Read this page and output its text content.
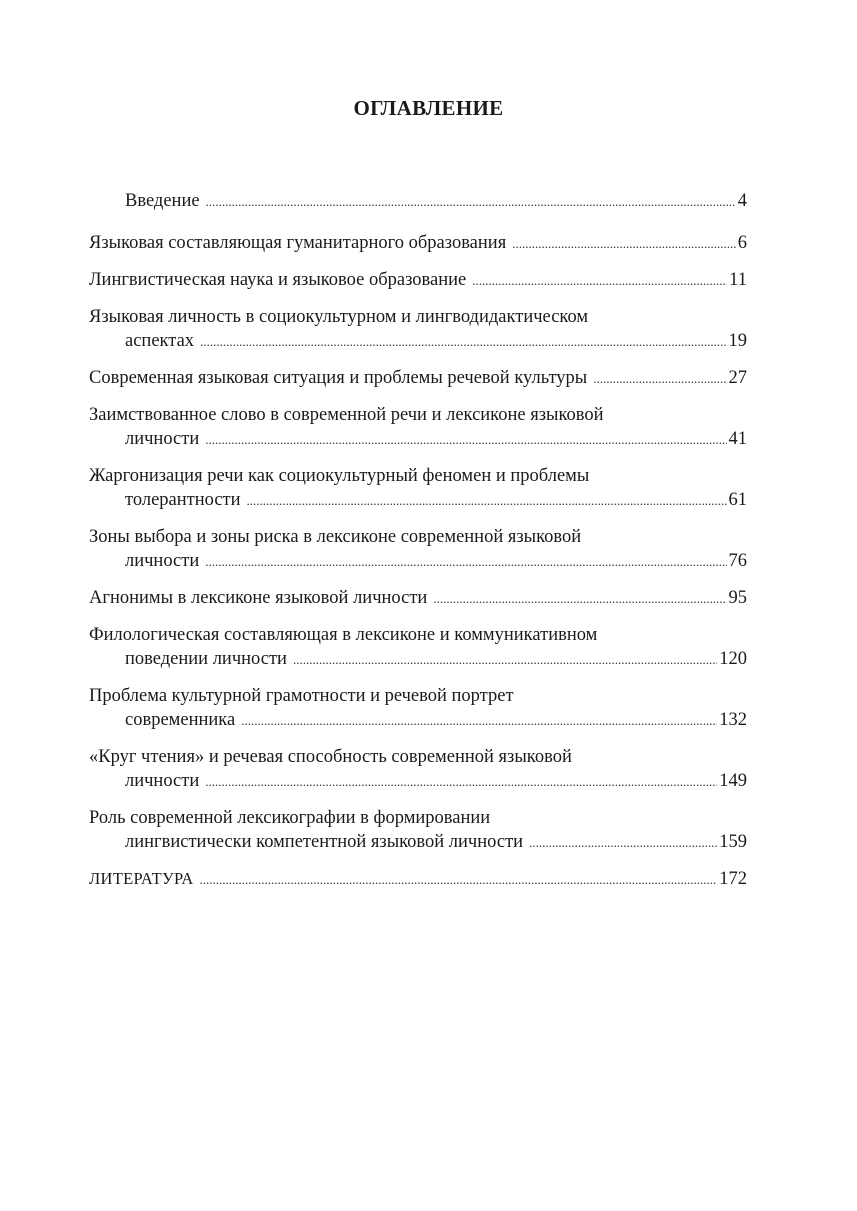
ОГЛАВЛЕНИЕ
Введение .....	4
Языковая составляющая гуманитарного образования .....	6
Лингвистическая наука и языковое образование .....	11
Языковая личность в социокультурном и лингводидактическом
аспектах .....	19
Современная языковая ситуация и проблемы речевой культуры .....	27
Заимствованное слово в современной речи и лексиконе языковой
личности .....	41
Жаргонизация речи как социокультурный феномен и проблемы
толерантности .....	61
Зоны выбора и зоны риска в лексиконе современной языковой
личности .....	76
Агнонимы в лексиконе языковой личности .....	95
Филологическая составляющая в лексиконе и коммуникативном
поведении личности .....	120
Проблема культурной грамотности и речевой портрет
современника .....	132
«Круг чтения» и речевая способность современной языковой
личности .....	149
Роль современной лексикографии в формировании
лингвистически компетентной языковой личности .....	159
ЛИТЕРАТУРА .....	172
